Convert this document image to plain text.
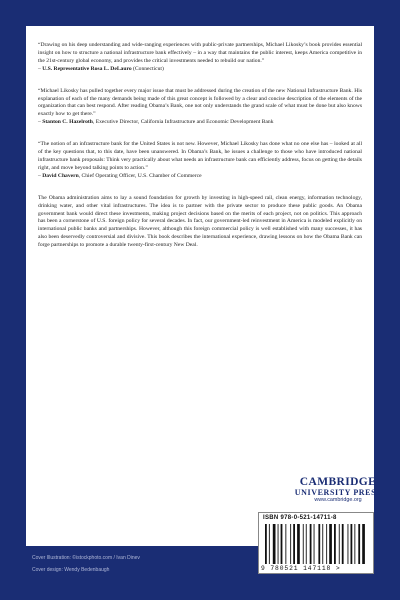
“Drawing on his deep understanding and wide-ranging experiences with public-private partnerships, Michael Likosky’s book provides essential insight on how to structure a national infrastructure bank effectively – in a way that maintains the public interest, keeps America competitive in the 21st-century global economy, and provides the critical investments needed to rebuild our nation.”

– U.S. Representative Rosa L. DeLauro (Connecticut)

“Michael Likosky has pulled together every major issue that must be addressed during the creation of the new National Infrastructure Bank. His explanation of each of the many demands being made of this great concept is followed by a clear and concise description of the elements of the organization that can best respond. After reading Obama’s Bank, one not only understands the grand scale of what must be done but also knows exactly how to get there.”

– Stanton C. Hazelroth, Executive Director, California Infrastructure and Economic Development Bank

“The notion of an infrastructure bank for the United States is not new. However, Michael Likosky has done what no one else has – looked at all of the key questions that, to this date, have been unanswered. In Obama’s Bank, he issues a challenge to those who have introduced national infrastructure bank proposals: Think very practically about what needs an infrastructure bank can efficiently address, focus on getting the details right, and move beyond talking points to action.”

– David Chavern, Chief Operating Officer, U.S. Chamber of Commerce

The Obama administration aims to lay a sound foundation for growth by investing in high-speed rail, clean energy, information technology, drinking water, and other vital infrastructures. The idea is to partner with the private sector to produce these public goods. An Obama government bank would direct these investments, making project decisions based on the merits of each project, not on politics. This approach has been a cornerstone of U.S. foreign policy for several decades. In fact, our government-led reinvestment in America is modeled explicitly on international public banks and partnerships. However, although this foreign commercial policy is well established with many successes, it has also been deservedly controversial and divisive. This book describes the international experience, drawing lessons on how the Obama Bank can forge partnerships to promote a durable twenty-first-century New Deal.

CAMBRIDGE
UNIVERSITY PRESS
www.cambridge.org
ISBN 978-0-521-14711-8
9 780521 147118 >
Cover Illustration: ©istockphoto.com / Ivan Dinev
Cover design: Wendy Bedenbaugh
